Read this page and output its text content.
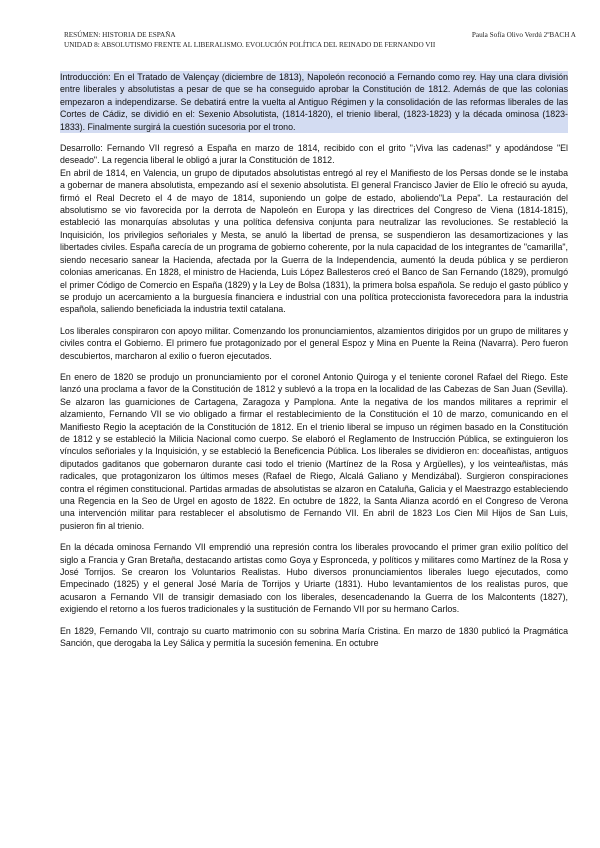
RESÚMEN: HISTORIA DE ESPAÑA	Paula Sofía Olivo Verdú 2ºBACH A
UNIDAD 8: ABSOLUTISMO FRENTE AL LIBERALISMO. EVOLUCIÓN POLÍTICA DEL REINADO DE FERNANDO VII

Introducción: En el Tratado de Valençay (diciembre de 1813), Napoleón reconoció a Fernando como rey. Hay una clara división entre liberales y absolutistas a pesar de que se ha conseguido aprobar la Constitución de 1812. Además de que las colonias empezaron a independizarse. Se debatirá entre la vuelta al Antiguo Régimen y la consolidación de las reformas liberales de las Cortes de Cádiz, se dividió en el: Sexenio Absolutista, (1814-1820), el trienio liberal, (1823-1823) y la década ominosa (1823-1833). Finalmente surgirá la cuestión sucesoria por el trono.

Desarrollo: Fernando VII regresó a España en marzo de 1814, recibido con el grito "¡Viva las cadenas!" y apodándose "El deseado". La regencia liberal le obligó a jurar la Constitución de 1812.

En abril de 1814, en Valencia, un grupo de diputados absolutistas entregó al rey el Manifiesto de los Persas donde se le instaba a gobernar de manera absolutista, empezando así el sexenio absolutista. El general Francisco Javier de Elío le ofreció su ayuda, firmó el Real Decreto el 4 de mayo de 1814, suponiendo un golpe de estado, aboliendo"La Pepa". La restauración del absolutismo se vio favorecida por la derrota de Napoleón en Europa y las directrices del Congreso de Viena (1814-1815), estableció las monarquías absolutas y una política defensiva conjunta para neutralizar las revoluciones. Se restableció la Inquisición, los privilegios señoriales y Mesta, se anuló la libertad de prensa, se suspendieron las desamortizaciones y las libertades civiles. España carecía de un programa de gobierno coherente, por la nula capacidad de los integrantes de "camarilla", siendo necesario sanear la Hacienda, afectada por la Guerra de la Independencia, aumentó la deuda pública y se perdieron colonias americanas. En 1828, el ministro de Hacienda, Luis López Ballesteros creó el Banco de San Fernando (1829), promulgó el primer Código de Comercio en España (1829) y la Ley de Bolsa (1831), la primera bolsa española. Se redujo el gasto público y se produjo un acercamiento a la burguesía financiera e industrial con una política proteccionista favorecedora para la industria española, saliendo beneficiada la industria textil catalana.

Los liberales conspiraron con apoyo militar. Comenzando los pronunciamientos, alzamientos dirigidos por un grupo de militares y civiles contra el Gobierno. El primero fue protagonizado por el general Espoz y Mina en Puente la Reina (Navarra). Pero fueron descubiertos, marcharon al exilio o fueron ejecutados.

En enero de 1820 se produjo un pronunciamiento por el coronel Antonio Quiroga y el teniente coronel Rafael del Riego. Este lanzó una proclama a favor de la Constitución de 1812 y sublevó a la tropa en la localidad de las Cabezas de San Juan (Sevilla). Se alzaron las guarniciones de Cartagena, Zaragoza y Pamplona. Ante la negativa de los mandos militares a reprimir el alzamiento, Fernando VII se vio obligado a firmar el restablecimiento de la Constitución el 10 de marzo, comunicando en el Manifiesto Regio la aceptación de la Constitución de 1812. En el trienio liberal se impuso un régimen basado en la Constitución de 1812 y se estableció la Milicia Nacional como cuerpo. Se elaboró el Reglamento de Instrucción Pública, se extinguieron los vínculos señoriales y la Inquisición, y se estableció la Beneficencia Pública. Los liberales se dividieron en: doceañistas, antiguos diputados gaditanos que gobernaron durante casi todo el trienio (Martínez de la Rosa y Argüelles), y los veinteañistas, más radicales, que protagonizaron los últimos meses (Rafael de Riego, Alcalá Galiano y Mendizábal). Surgieron conspiraciones contra el régimen constitucional. Partidas armadas de absolutistas se alzaron en Cataluña, Galicia y el Maestrazgo estableciendo una Regencia en la Seo de Urgel en agosto de 1822. En octubre de 1822, la Santa Alianza acordó en el Congreso de Verona una intervención militar para restablecer el absolutismo de Fernando VII. En abril de 1823 Los Cien Mil Hijos de San Luis, pusieron fin al trienio.

En la década ominosa Fernando VII emprendió una represión contra los liberales provocando el primer gran exilio político del siglo a Francia y Gran Bretaña, destacando artistas como Goya y Espronceda, y políticos y militares como Martínez de la Rosa y José Torrijos. Se crearon los Voluntarios Realistas. Hubo diversos pronunciamientos liberales luego ejecutados, como Empecinado (1825) y el general José María de Torrijos y Uriarte (1831). Hubo levantamientos de los realistas puros, que acusaron a Fernando VII de transigir demasiado con los liberales, desencadenando la Guerra de los Malcontents (1827), exigiendo el retorno a los fueros tradicionales y la sustitución de Fernando VII por su hermano Carlos.

En 1829, Fernando VII, contrajo su cuarto matrimonio con su sobrina María Cristina. En marzo de 1830 publicó la Pragmática Sanción, que derogaba la Ley Sálica y permitía la sucesión femenina. En octubre
